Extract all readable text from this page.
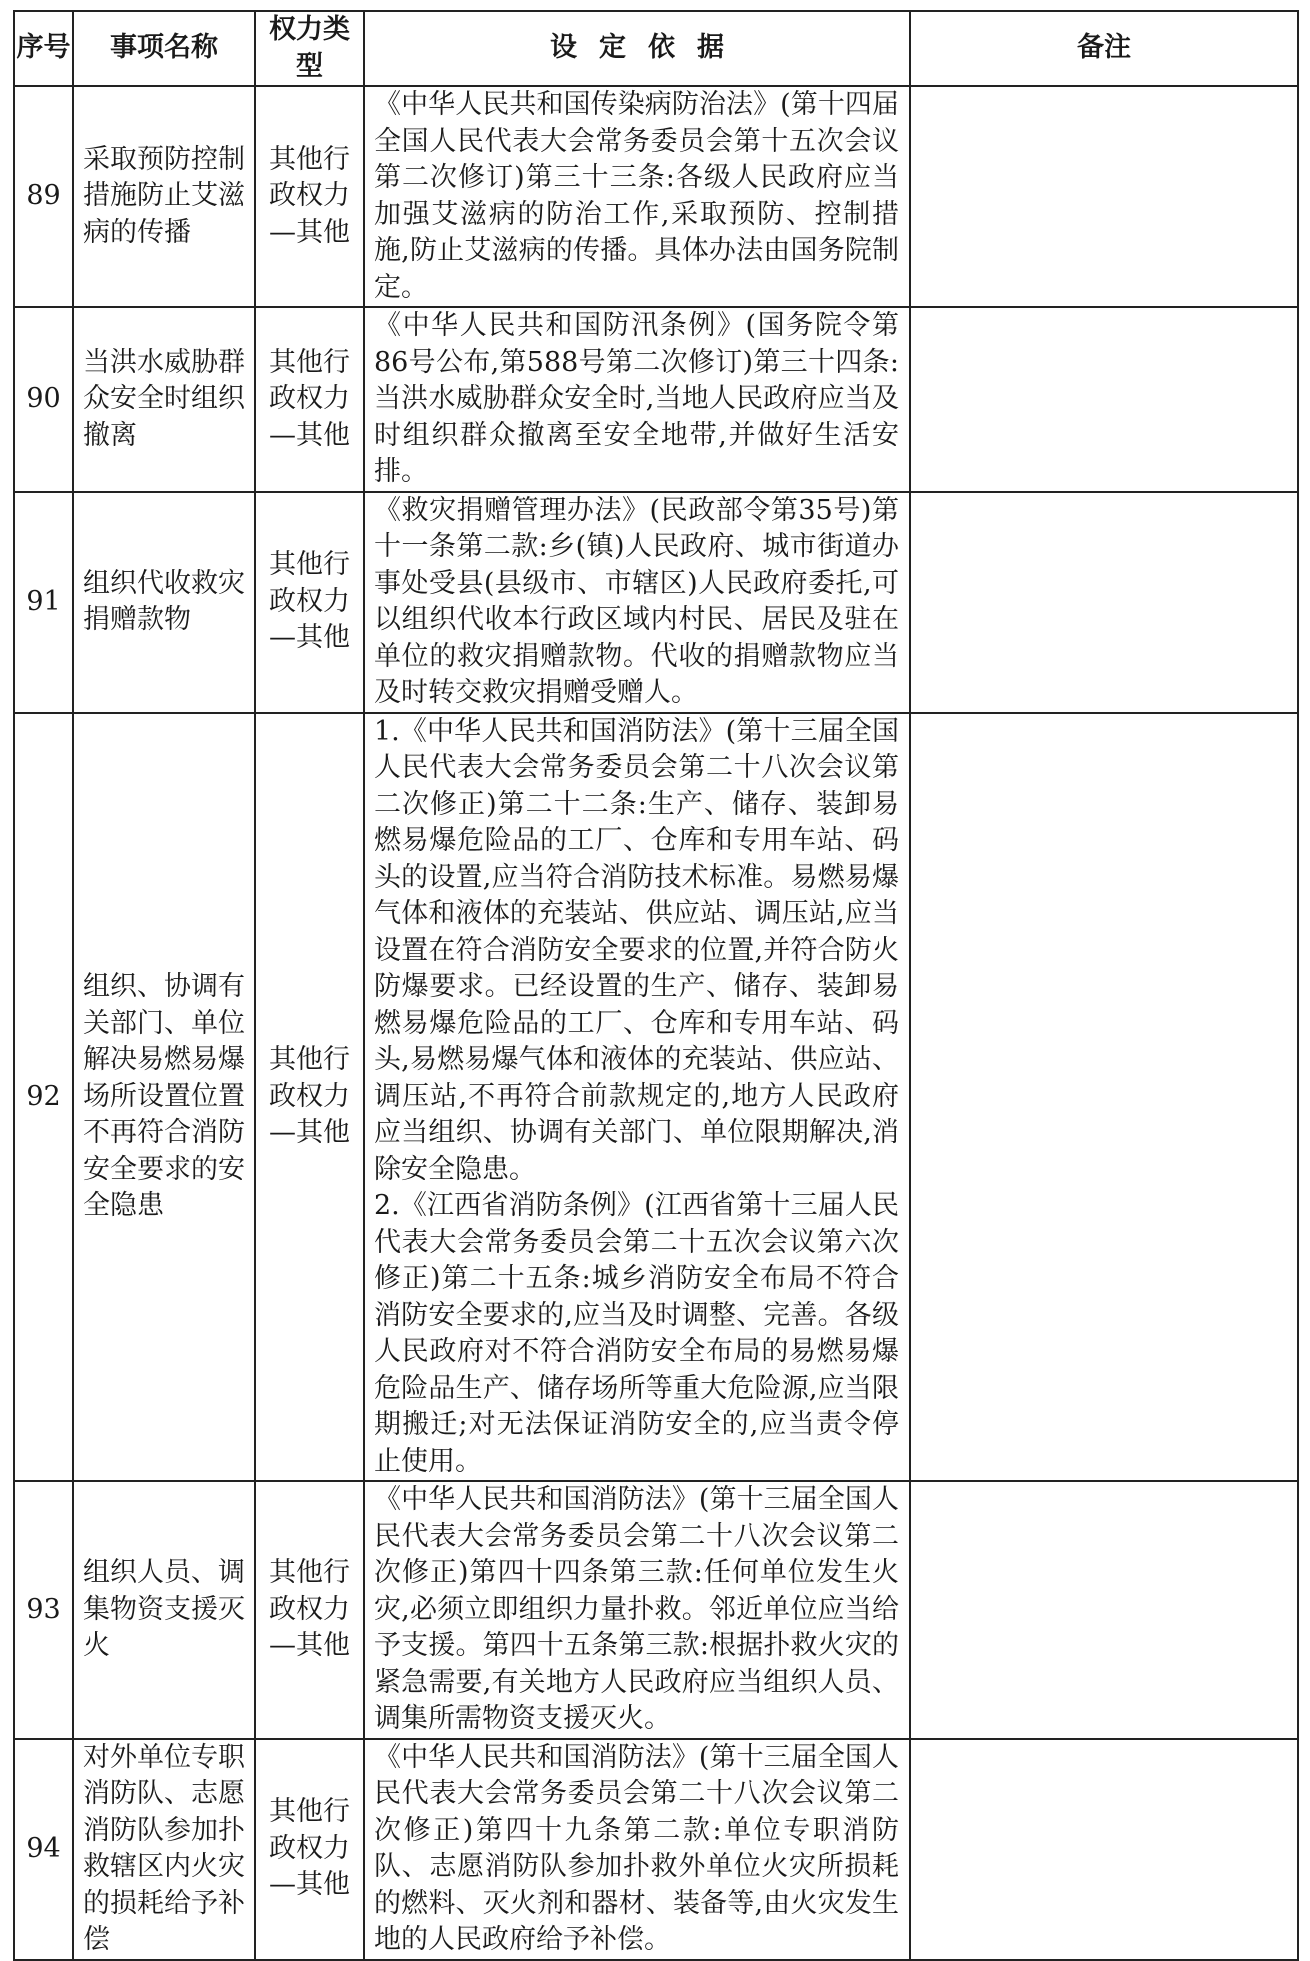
序号	事项名称	权力类型	设定依据	备注
89	采取预防控制措施防止艾滋病的传播	其他行政权力—其他	《中华人民共和国传染病防治法》(第十四届全国人民代表大会常务委员会第十五次会议第二次修订)第三十三条:各级人民政府应当加强艾滋病的防治工作,采取预防、控制措施,防止艾滋病的传播。具体办法由国务院制定。	

90	当洪水威胁群众安全时组织撤离	其他行政权力—其他	《中华人民共和国防汛条例》(国务院令第86号公布,第588号第二次修订)第三十四条:当洪水威胁群众安全时,当地人民政府应当及时组织群众撤离至安全地带,并做好生活安排。	

91	组织代收救灾捐赠款物	其他行政权力—其他	《救灾捐赠管理办法》(民政部令第35号)第十一条第二款:乡(镇)人民政府、城市街道办事处受县(县级市、市辖区)人民政府委托,可以组织代收本行政区域内村民、居民及驻在单位的救灾捐赠款物。代收的捐赠款物应当及时转交救灾捐赠受赠人。	

92	组织、协调有关部门、单位解决易燃易爆场所设置位置不再符合消防安全要求的安全隐患	其他行政权力—其他	1.《中华人民共和国消防法》(第十三届全国人民代表大会常务委员会第二十八次会议第二次修正)第二十二条:生产、储存、装卸易燃易爆危险品的工厂、仓库和专用车站、码头的设置,应当符合消防技术标准。易燃易爆气体和液体的充装站、供应站、调压站,应当设置在符合消防安全要求的位置,并符合防火防爆要求。已经设置的生产、储存、装卸易燃易爆危险品的工厂、仓库和专用车站、码头,易燃易爆气体和液体的充装站、供应站、调压站,不再符合前款规定的,地方人民政府应当组织、协调有关部门、单位限期解决,消除安全隐患。
2.《江西省消防条例》(江西省第十三届人民代表大会常务委员会第二十五次会议第六次修正)第二十五条:城乡消防安全布局不符合消防安全要求的,应当及时调整、完善。各级人民政府对不符合消防安全布局的易燃易爆危险品生产、储存场所等重大危险源,应当限期搬迁;对无法保证消防安全的,应当责令停止使用。	

93	组织人员、调集物资支援灭火	其他行政权力—其他	《中华人民共和国消防法》(第十三届全国人民代表大会常务委员会第二十八次会议第二次修正)第四十四条第三款:任何单位发生火灾,必须立即组织力量扑救。邻近单位应当给予支援。第四十五条第三款:根据扑救火灾的紧急需要,有关地方人民政府应当组织人员、调集所需物资支援灭火。	

94	对外单位专职消防队、志愿消防队参加扑救辖区内火灾的损耗给予补偿	其他行政权力—其他	《中华人民共和国消防法》(第十三届全国人民代表大会常务委员会第二十八次会议第二次修正)第四十九条第二款:单位专职消防队、志愿消防队参加扑救外单位火灾所损耗的燃料、灭火剂和器材、装备等,由火灾发生地的人民政府给予补偿。	
